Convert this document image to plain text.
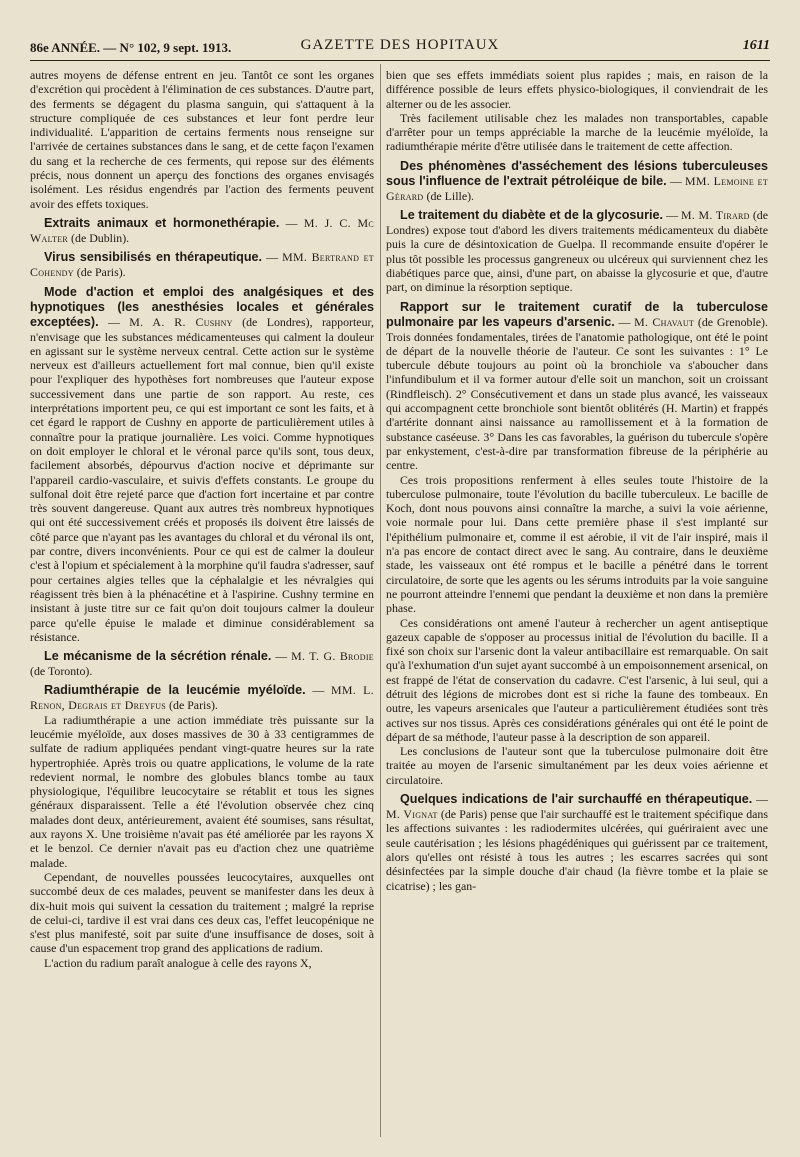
86e ANNÉE. — N° 102, 9 sept. 1913.	GAZETTE DES HOPITAUX	1611

autres moyens de défense entrent en jeu. Tantôt ce sont les organes d'excrétion qui procèdent à l'élimination de ces substances. D'autre part, des ferments se dégagent du plasma sanguin, qui s'attaquent à la structure compliquée de ces substances et leur font perdre leur individualité. L'apparition de certains ferments nous renseigne sur l'arrivée de certaines substances dans le sang, et de cette façon l'examen du sang et la recherche de ces ferments, qui repose sur des éléments précis, nous donnent un aperçu des fonctions des organes envisagés isolément. Les résidus engendrés par l'action des ferments peuvent avoir des effets toxiques.

Extraits animaux et hormonethérapie. — M. J. C. Mc Walter (de Dublin).

Virus sensibilisés en thérapeutique. — MM. Bertrand et Cohendy (de Paris).

Mode d'action et emploi des analgésiques et des hypnotiques (les anesthésies locales et générales exceptées). — M. A. R. Cushny (de Londres), rapporteur, n'envisage que les substances médicamenteuses qui calment la douleur en agissant sur le système nerveux central. Cette action sur le système nerveux est d'ailleurs actuellement fort mal connue, bien qu'il existe pour l'expliquer des hypothèses fort nombreuses que l'auteur expose successivement dans une partie de son rapport. Au reste, ces interprétations importent peu, ce qui est important ce sont les faits, et à cet égard le rapport de Cushny en apporte de particulièrement utiles à connaître pour la pratique journalière. Les voici. Comme hypnotiques on doit employer le chloral et le véronal parce qu'ils sont, tous deux, facilement absorbés, dépourvus d'action nocive et déprimante sur l'appareil cardio-vasculaire, et suivis d'effets constants. Le groupe du sulfonal doit être rejeté parce que d'action fort incertaine et par contre très souvent dangereuse. Quant aux autres très nombreux hypnotiques qui ont été successivement créés et proposés ils doivent être laissés de côté parce que n'ayant pas les avantages du chloral et du véronal ils ont, par contre, divers inconvénients. Pour ce qui est de calmer la douleur c'est à l'opium et spécialement à la morphine qu'il faudra s'adresser, sauf pour certaines algies telles que la céphalalgie et les névralgies qui réagissent très bien à la phénacétine et à l'aspirine. Cushny termine en insistant à juste titre sur ce fait qu'on doit toujours calmer la douleur parce qu'elle épuise le malade et diminue considérablement sa résistance.

Le mécanisme de la sécrétion rénale. — M. T. G. Brodie (de Toronto).

Radiumthérapie de la leucémie myéloïde. — MM. L. Renon, Degrais et Dreyfus (de Paris).

La radiumthérapie a une action immédiate très puissante sur la leucémie myéloïde, aux doses massives de 30 à 33 centigrammes de sulfate de radium appliquées pendant vingt-quatre heures sur la rate hypertrophiée. Après trois ou quatre applications, le volume de la rate redevient normal, le nombre des globules blancs tombe au taux physiologique, l'équilibre leucocytaire se rétablit et tous les signes généraux disparaissent. Telle a été l'évolution observée chez cinq malades dont deux, antérieurement, avaient été soumises, sans résultat, aux rayons X. Une troisième n'avait pas été améliorée par les rayons X et le benzol. Ce dernier n'avait pas eu d'action chez une quatrième malade.

Cependant, de nouvelles poussées leucocytaires, auxquelles ont succombé deux de ces malades, peuvent se manifester dans les deux à dix-huit mois qui suivent la cessation du traitement ; malgré la reprise de celui-ci, tardive il est vrai dans ces deux cas, l'effet leucopénique ne s'est plus manifesté, soit par suite d'une insuffisance de doses, soit à cause d'un espacement trop grand des applications de radium.

L'action du radium paraît analogue à celle des rayons X,

bien que ses effets immédiats soient plus rapides ; mais, en raison de la différence possible de leurs effets physico-biologiques, il conviendrait de les alterner ou de les associer.

Très facilement utilisable chez les malades non transportables, capable d'arrêter pour un temps appréciable la marche de la leucémie myéloïde, la radiumthérapie mérite d'être utilisée dans le traitement de cette affection.

Des phénomènes d'asséchement des lésions tuberculeuses sous l'influence de l'extrait pétroléique de bile. — MM. Lemoine et Gérard (de Lille).

Le traitement du diabète et de la glycosurie. — M. M. Tirard (de Londres) expose tout d'abord les divers traitements médicamenteux du diabète puis la cure de désintoxication de Guelpa. Il recommande ensuite d'opérer le plus tôt possible les processus gangreneux ou ulcéreux qui surviennent chez les diabétiques parce que, ainsi, d'une part, on abaisse la glycosurie et que, d'autre part, on diminue la résorption septique.

Rapport sur le traitement curatif de la tuberculose pulmonaire par les vapeurs d'arsenic. — M. Chavaut (de Grenoble). Trois données fondamentales, tirées de l'anatomie pathologique, ont été le point de départ de la nouvelle théorie de l'auteur. Ce sont les suivantes : 1° Le tubercule débute toujours au point où la bronchiole va s'aboucher dans l'infundibulum et il va former autour d'elle soit un manchon, soit un croissant (Rindfleisch). 2° Consécutivement et dans un stade plus avancé, les vaisseaux qui accompagnent cette bronchiole sont bientôt oblitérés (H. Martin) et frappés d'artérite donnant ainsi naissance au ramollissement et à la formation de substance caséeuse. 3° Dans les cas favorables, la guérison du tubercule s'opère par enkystement, c'est-à-dire par transformation fibreuse de la périphérie au centre.

Ces trois propositions renferment à elles seules toute l'histoire de la tuberculose pulmonaire, toute l'évolution du bacille tuberculeux. Le bacille de Koch, dont nous pouvons ainsi connaître la marche, a suivi la voie aérienne, voie normale pour lui. Dans cette première phase il s'est implanté sur l'épithélium pulmonaire et, comme il est aérobie, il vit de l'air inspiré, mais il n'a pas encore de contact direct avec le sang. Au contraire, dans le deuxième stade, les vaisseaux ont été rompus et le bacille a pénétré dans le torrent circulatoire, de sorte que les agents ou les sérums introduits par la voie sanguine ne pourront atteindre l'ennemi que pendant la deuxième et non dans la première phase.

Ces considérations ont amené l'auteur à rechercher un agent antiseptique gazeux capable de s'opposer au processus initial de l'évolution du bacille. Il a fixé son choix sur l'arsenic dont la valeur antibacillaire est remarquable. On sait qu'à l'exhumation d'un sujet ayant succombé à un empoisonnement arsenical, on est frappé de l'état de conservation du cadavre. C'est l'arsenic, à lui seul, qui a détruit des légions de microbes dont est si riche la faune des tombeaux. En outre, les vapeurs arsenicales que l'auteur a particulièrement étudiées sont très actives sur nos tissus. Après ces considérations générales qui ont été le point de départ de sa méthode, l'auteur passe à la description de son appareil.

Les conclusions de l'auteur sont que la tuberculose pulmonaire doit être traitée au moyen de l'arsenic simultanément par les deux voies aérienne et circulatoire.

Quelques indications de l'air surchauffé en thérapeutique. — M. Vignat (de Paris) pense que l'air surchauffé est le traitement spécifique dans les affections suivantes : les radiodermites ulcérées, qui guériraient avec une seule cautérisation ; les lésions phagédéniques qui guérissent par ce traitement, alors qu'elles ont résisté à tous les autres ; les escarres sacrées qui sont désinfectées par la simple douche d'air chaud (la fièvre tombe et la plaie se cicatrise) ; les gan-
